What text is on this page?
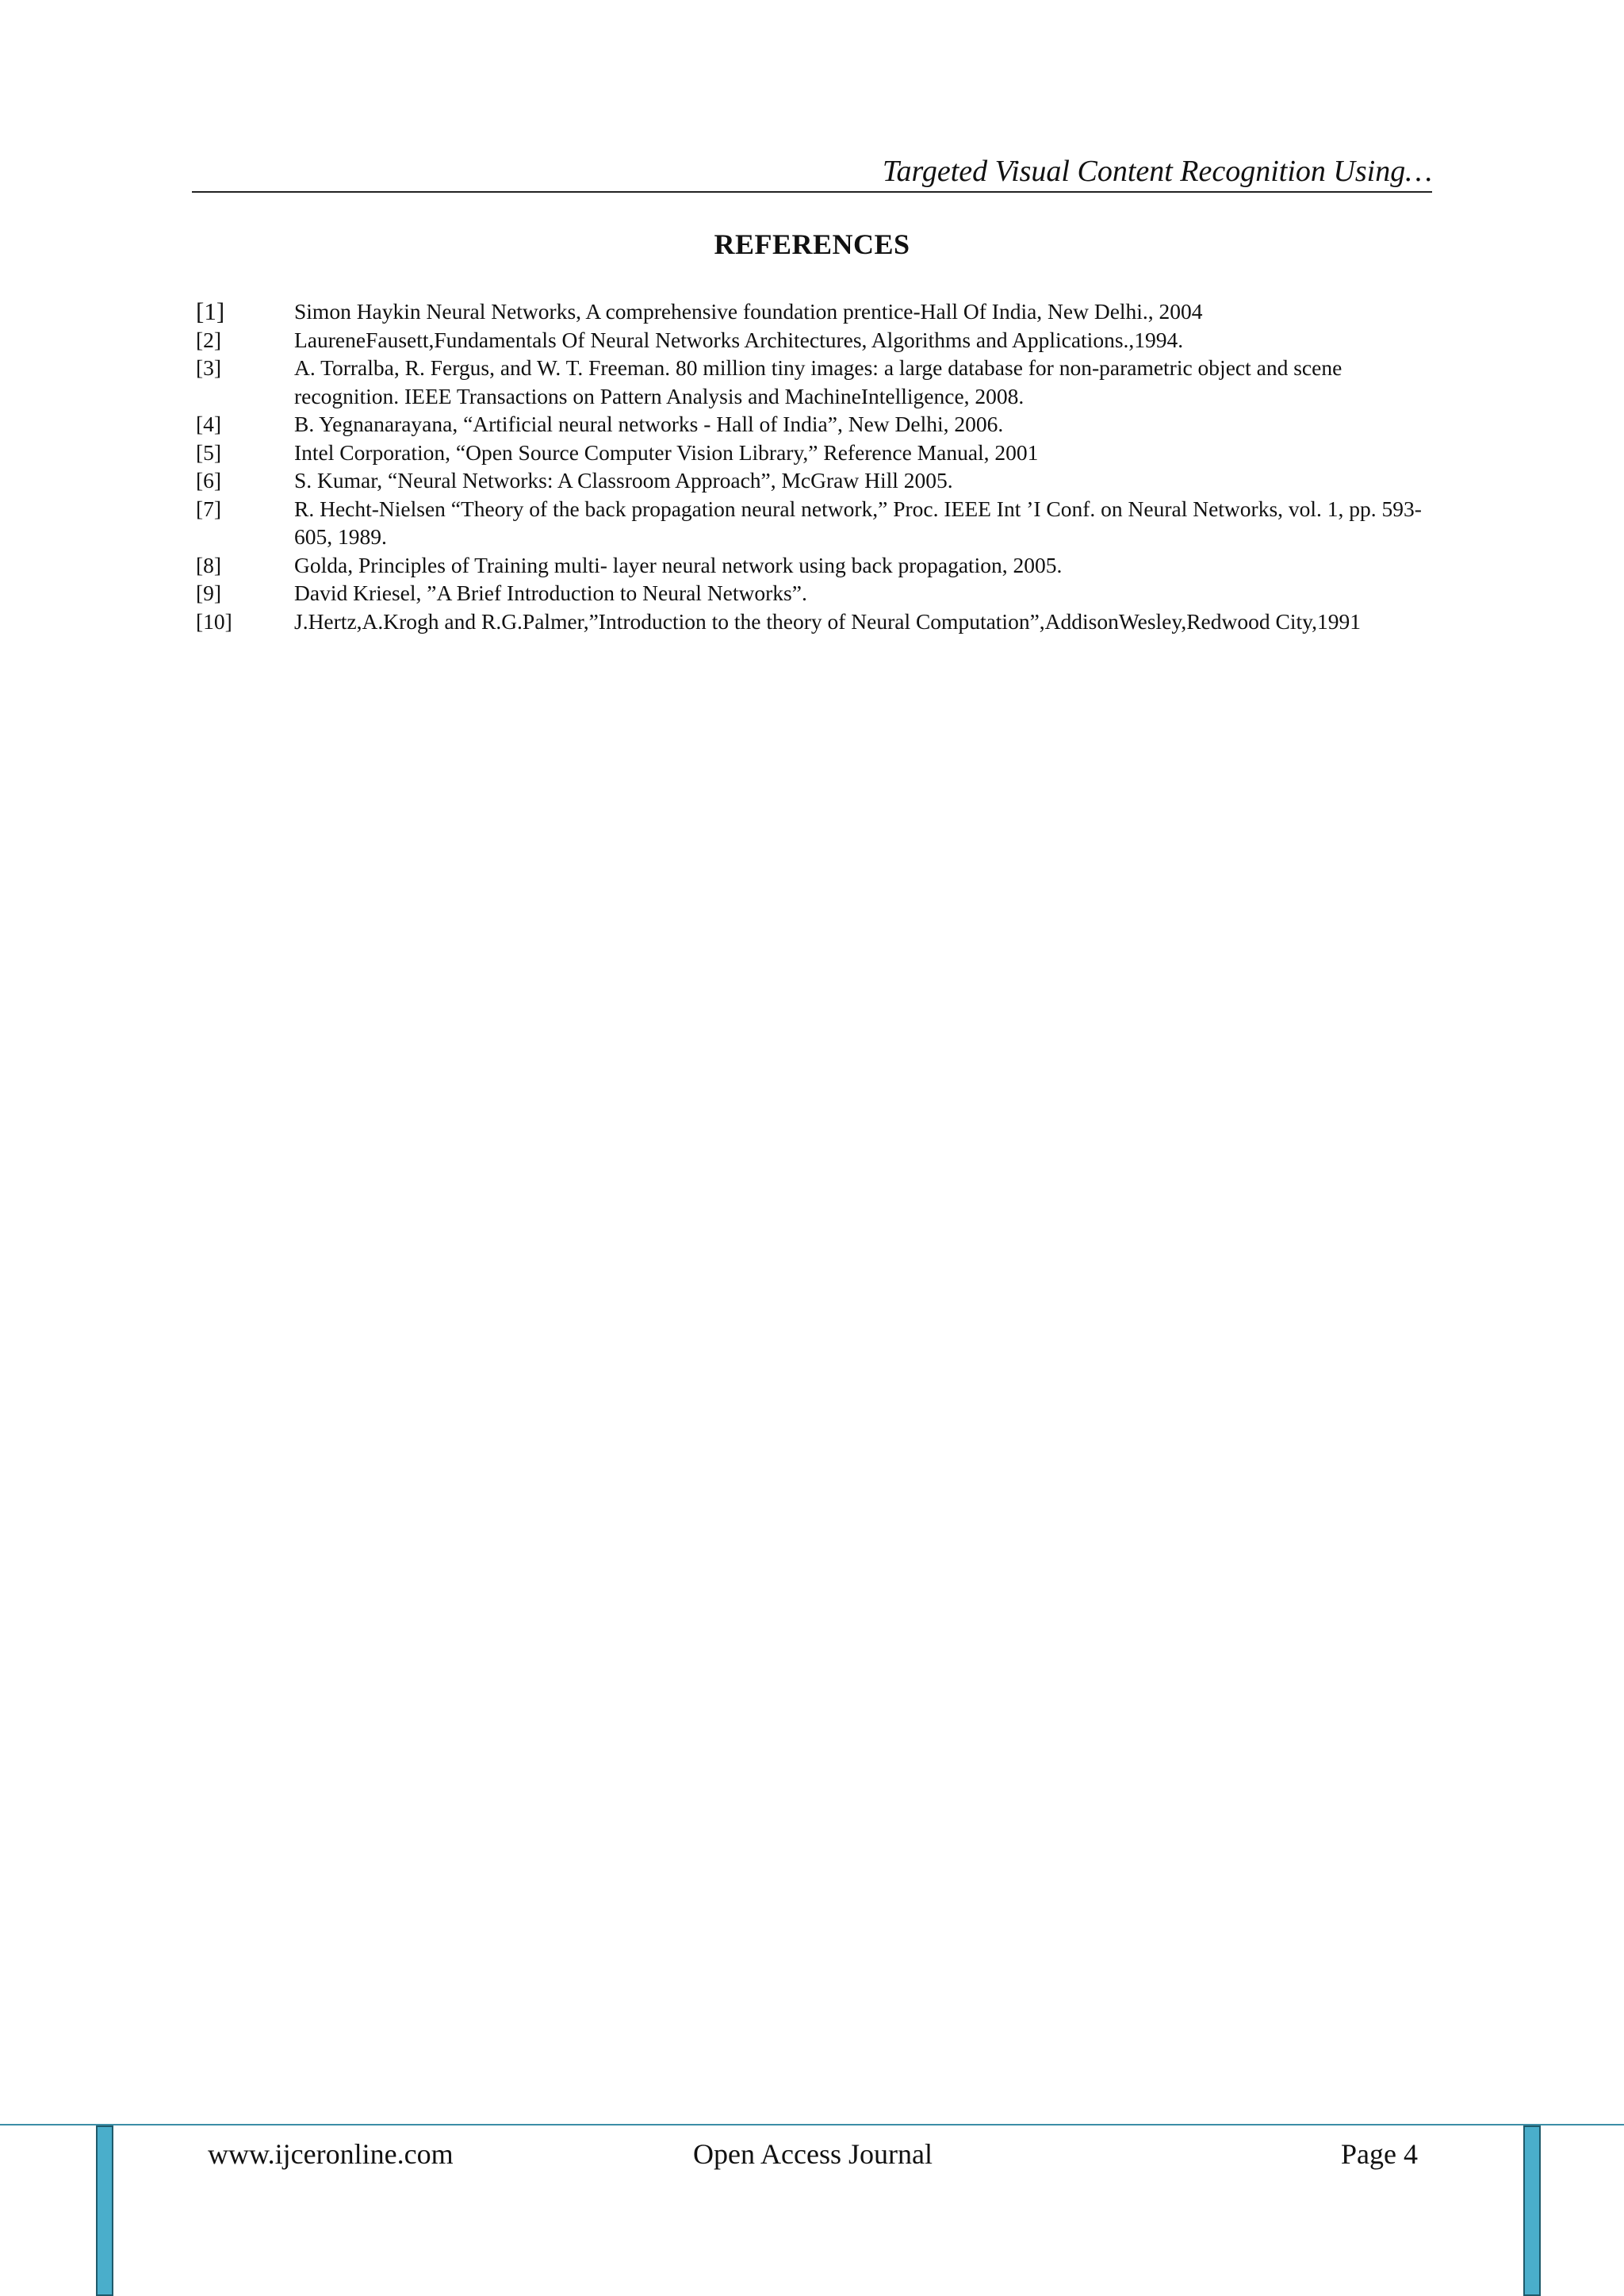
Targeted Visual Content Recognition Using…
REFERENCES
[1]	Simon Haykin Neural Networks, A comprehensive foundation prentice-Hall Of India, New Delhi., 2004
[2]	LaureneFausett,Fundamentals Of Neural Networks Architectures, Algorithms and Applications.,1994.
[3]	A. Torralba, R. Fergus, and W. T. Freeman. 80 million tiny images: a large database for non-parametric object and scene recognition. IEEE Transactions on Pattern Analysis and MachineIntelligence, 2008.
[4]	B. Yegnanarayana, “Artificial neural networks - Hall of India”, New Delhi, 2006.
[5]	Intel Corporation, “Open Source Computer Vision Library,” Reference Manual, 2001
[6]	S. Kumar, “Neural Networks: A Classroom Approach”, McGraw Hill 2005.
[7]	R. Hecht-Nielsen “Theory of the back propagation neural network,” Proc. IEEE Int ’I Conf. on Neural Networks, vol. 1, pp. 593-605, 1989.
[8]	Golda, Principles of Training multi- layer neural network using back propagation, 2005.
[9]	David Kriesel, ”A Brief Introduction to Neural Networks”.
[10]	J.Hertz,A.Krogh and R.G.Palmer,”Introduction to the theory of Neural Computation”,AddisonWesley,Redwood City,1991
www.ijceronline.com	Open Access Journal	Page 4
